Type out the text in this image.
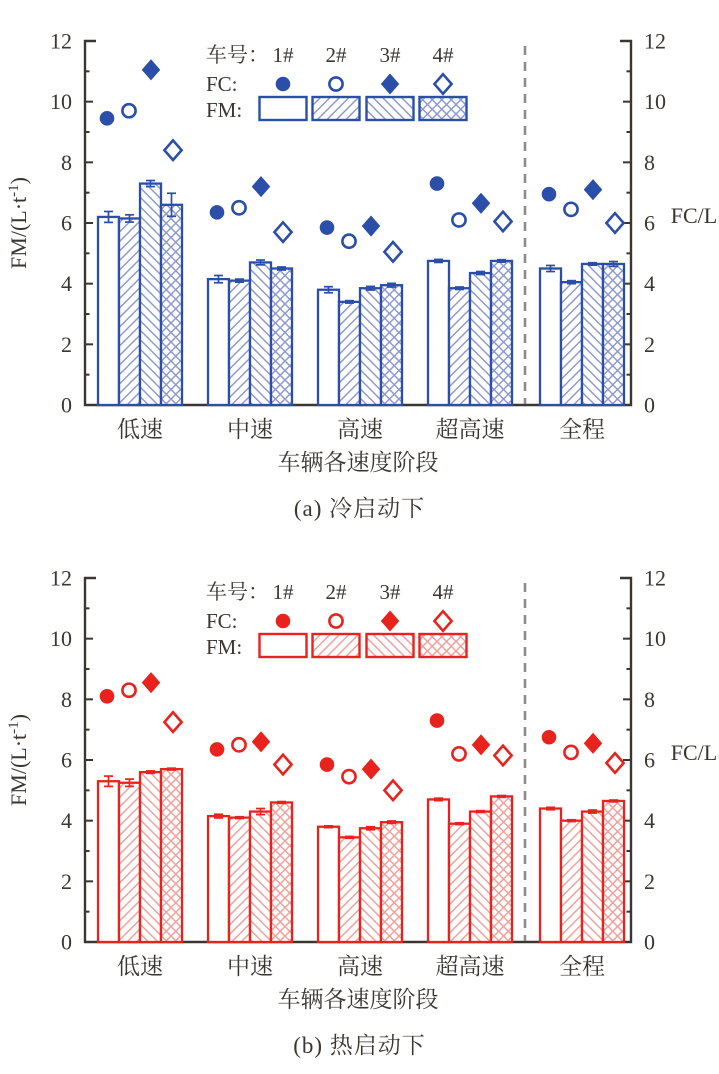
0	0
2	2
4	4
6	6
8	8
10	10
12	12
$FM/(L\cdot t^{-1})$
FC/L
车号：
FC:
FM:
1# 2# 3# 4#
低速	中速	高速 超高速 全程
车辆各速度阶段
(a) 冷启动下
0	0
2	2
4	4
6	6
8	8
10	10
12	12
$FM/(L\cdot t^{-1})$
FC/L
车号：
FC:
FM:
1# 2# 3# 4#
低速	中速	高速 超高速 全程
车辆各速度阶段
(b) 热启动下
